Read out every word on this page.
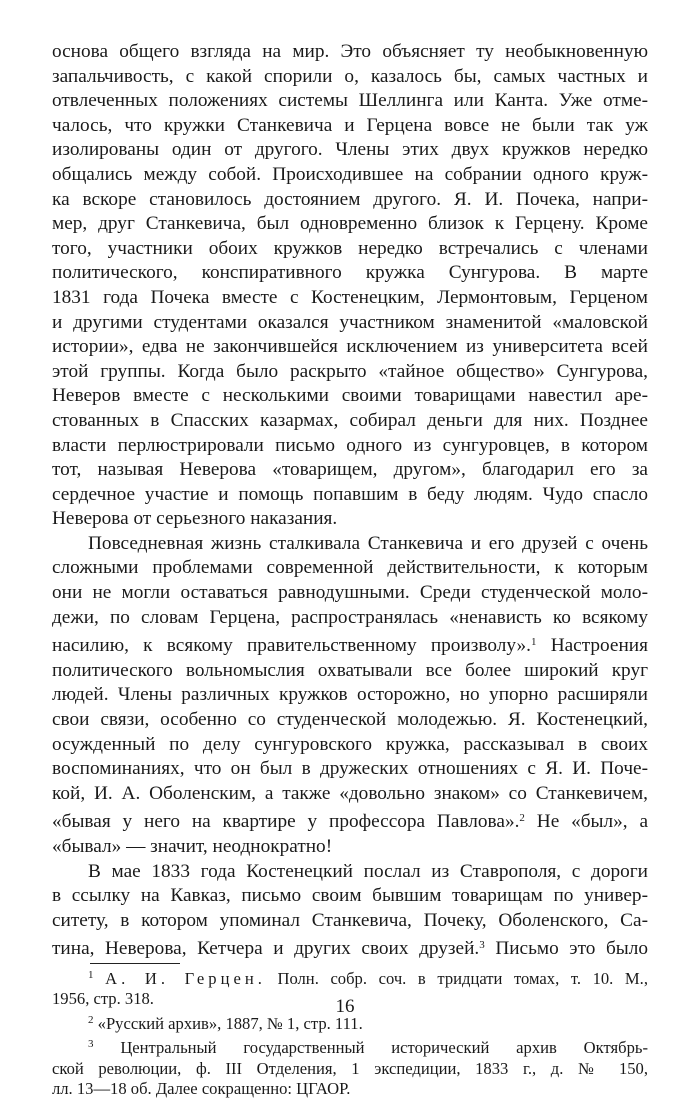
основа общего взгляда на мир. Это объясняет ту необыкновенную
запальчивость, с какой спорили о, казалось бы, самых частных и
отвлеченных положениях системы Шеллинга или Канта. Уже отме-
чалось, что кружки Станкевича и Герцена вовсе не были так уж
изолированы один от другого. Члены этих двух кружков нередко
общались между собой. Происходившее на собрании одного круж-
ка вскоре становилось достоянием другого. Я. И. Почека, напри-
мер, друг Станкевича, был одновременно близок к Герцену. Кроме
того, участники обоих кружков нередко встречались с членами
политического, конспиративного кружка Сунгурова. В марте
1831 года Почека вместе с Костенецким, Лермонтовым, Герценом
и другими студентами оказался участником знаменитой «маловской
истории», едва не закончившейся исключением из университета всей
этой группы. Когда было раскрыто «тайное общество» Сунгурова,
Неверов вместе с несколькими своими товарищами навестил аре-
стованных в Спасских казармах, собирал деньги для них. Позднее
власти перлюстрировали письмо одного из сунгуровцев, в котором
тот, называя Неверова «товарищем, другом», благодарил его за
сердечное участие и помощь попавшим в беду людям. Чудо спасло
Неверова от серьезного наказания.
Повседневная жизнь сталкивала Станкевича и его друзей с очень
сложными проблемами современной действительности, к которым
они не могли оставаться равнодушными. Среди студенческой моло-
дежи, по словам Герцена, распространялась «ненависть ко всякому
насилию, к всякому правительственному произволу».$^1$ Настроения
политического вольномыслия охватывали все более широкий круг
людей. Члены различных кружков осторожно, но упорно расширяли
свои связи, особенно со студенческой молодежью. Я. Костенецкий,
осужденный по делу сунгуровского кружка, рассказывал в своих
воспоминаниях, что он был в дружеских отношениях с Я. И. Поче-
кой, И. А. Оболенским, а также «довольно знаком» со Станкевичем,
«бывая у него на квартире у профессора Павлова».$^2$ Не «был», а
«бывал» — значит, неоднократно!
В мае 1833 года Костенецкий послал из Ставрополя, с дороги
в ссылку на Кавказ, письмо своим бывшим товарищам по универ-
ситету, в котором упоминал Станкевича, Почеку, Оболенского, Са-
тина, Неверова, Кетчера и других своих друзей.$^3$ Письмо это было
$^1$ А. И. Герцен. Полн. собр. соч. в тридцати томах, т. 10. М.,
1956, стр. 318.
$^2$ «Русский архив», 1887, № 1, стр. 111.
$^3$ Центральный государственный исторический архив Октябрь-
ской революции, ф. III Отделения, 1 экспедиции, 1833 г., д. № 150,
лл. 13—18 об. Далее сокращенно: ЦГАОР.
16
